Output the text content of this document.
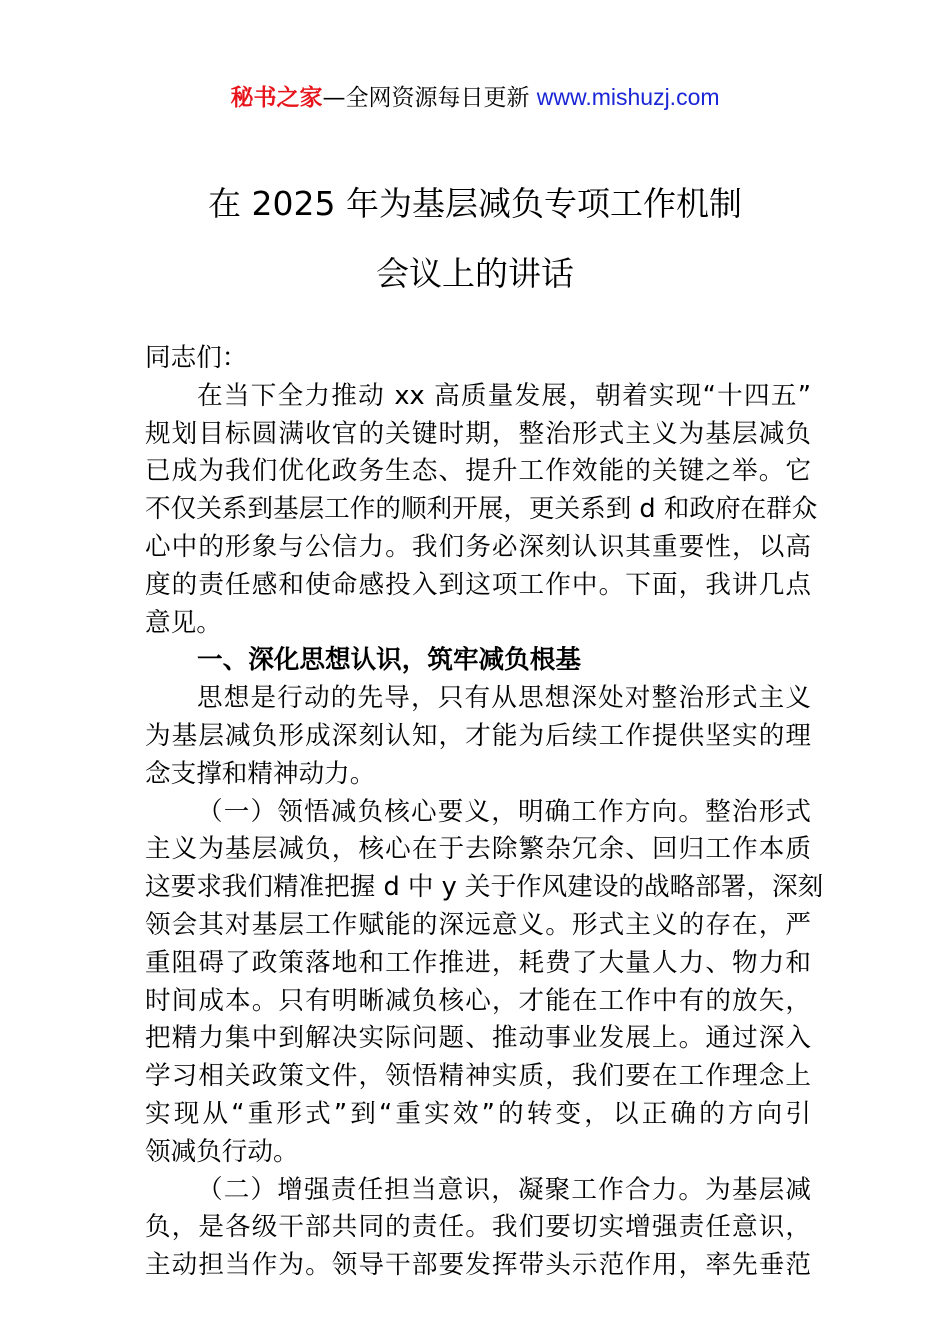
秘书之家—全网资源每日更新 www.mishuzj.com
在 2025 年为基层减负专项工作机制
会议上的讲话
同志们：
在当下全力推动 xx 高质量发展，朝着实现“十四五”
规划目标圆满收官的关键时期，整治形式主义为基层减负
已成为我们优化政务生态、提升工作效能的关键之举。它
不仅关系到基层工作的顺利开展，更关系到 d 和政府在群众
心中的形象与公信力。我们务必深刻认识其重要性，以高
度的责任感和使命感投入到这项工作中。下面，我讲几点
意见。
一、深化思想认识，筑牢减负根基
思想是行动的先导，只有从思想深处对整治形式主义
为基层减负形成深刻认知，才能为后续工作提供坚实的理
念支撑和精神动力。
（一）领悟减负核心要义，明确工作方向。整治形式
主义为基层减负，核心在于去除繁杂冗余、回归工作本质
这要求我们精准把握 d 中 y 关于作风建设的战略部署，深刻
领会其对基层工作赋能的深远意义。形式主义的存在，严
重阻碍了政策落地和工作推进，耗费了大量人力、物力和
时间成本。只有明晰减负核心，才能在工作中有的放矢，
把精力集中到解决实际问题、推动事业发展上。通过深入
学习相关政策文件，领悟精神实质，我们要在工作理念上
实现从“重形式”到“重实效”的转变，以正确的方向引
领减负行动。
（二）增强责任担当意识，凝聚工作合力。为基层减
负，是各级干部共同的责任。我们要切实增强责任意识，
主动担当作为。领导干部要发挥带头示范作用，率先垂范
